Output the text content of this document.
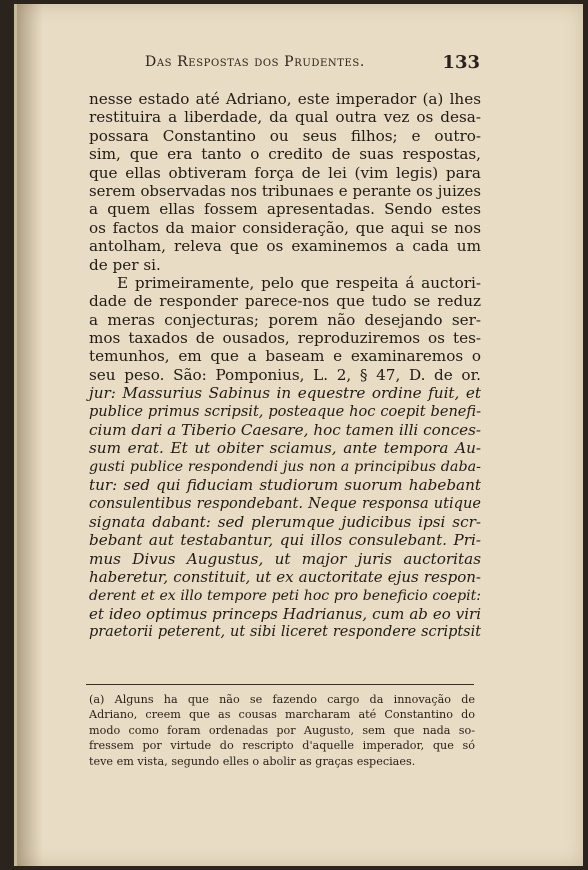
Das Respostas dos Prudentes.	133
nesse estado até Adriano, este imperador (a) lhes
restituira a liberdade, da qual outra vez os desa-
possara Constantino ou seus filhos; e outro-
sim, que era tanto o credito de suas respostas,
que ellas obtiveram força de lei (vim legis) para
serem observadas nos tribunaes e perante os juizes
a quem ellas fossem apresentadas. Sendo estes
os factos da maior consideração, que aqui se nos
antolham, releva que os examinemos a cada um
de per si.
E primeiramente, pelo que respeita á auctori-
dade de responder parece-nos que tudo se reduz
a meras conjecturas; porem não desejando ser-
mos taxados de ousados, reproduziremos os tes-
temunhos, em que a baseam e examinaremos o
seu peso. São: Pomponius, L. 2, § 47, D. de or.
jur: Massurius Sabinus in equestre ordine fuit, et
publice primus scripsit, posteaque hoc coepit benefi-
cium dari a Tiberio Caesare, hoc tamen illi conces-
sum erat. Et ut obiter sciamus, ante tempora Au-
gusti publice respondendi jus non a principibus daba-
tur: sed qui fiduciam studiorum suorum habebant
consulentibus respondebant. Neque responsa utique
signata dabant: sed plerumque judicibus ipsi scr-
bebant aut testabantur, qui illos consulebant. Pri-
mus Divus Augustus, ut major juris auctoritas
haberetur, constituit, ut ex auctoritate ejus respon-
derent et ex illo tempore peti hoc pro beneficio coepit:
et ideo optimus princeps Hadrianus, cum ab eo viri
praetorii peterent, ut sibi liceret respondere scriptsit
(a) Alguns ha que não se fazendo cargo da innovação de
Adriano, creem que as cousas marcharam até Constantino do
modo como foram ordenadas por Augusto, sem que nada so-
fressem por virtude do rescripto d'aquelle imperador, que só
teve em vista, segundo elles o abolir as graças especiaes.
